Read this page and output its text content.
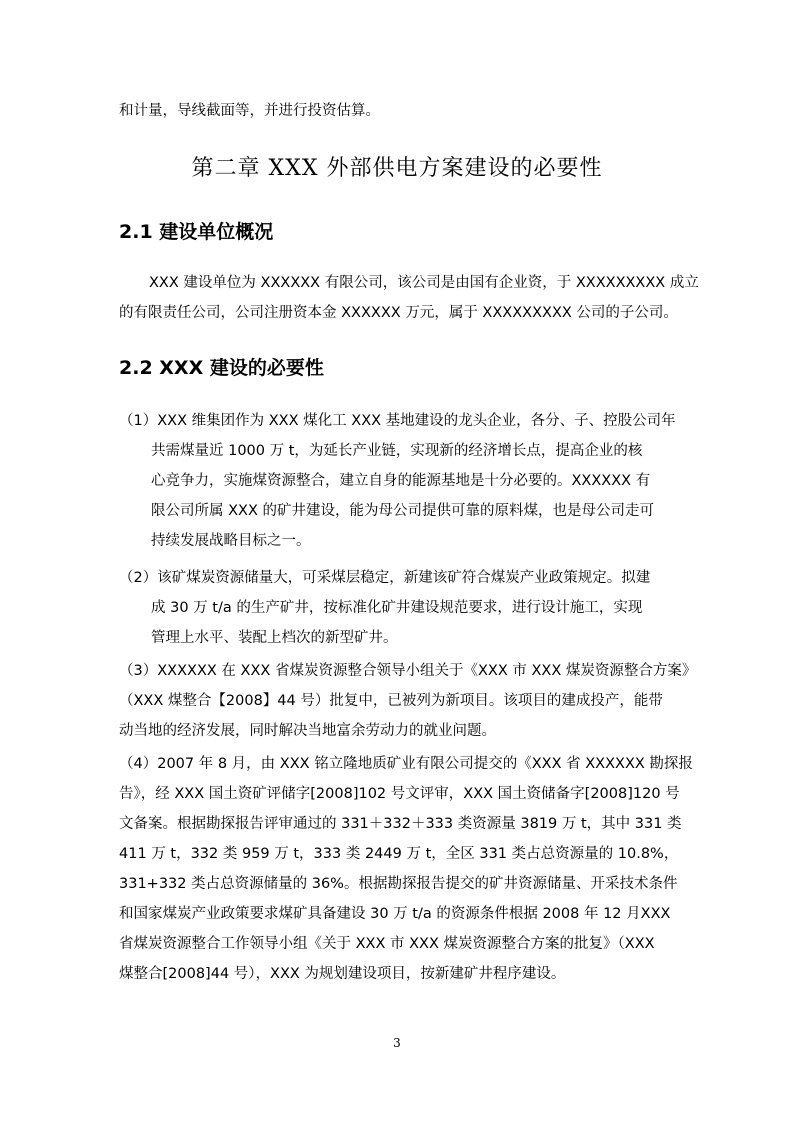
和计量，导线截面等，并进行投资估算。
第二章 XXX 外部供电方案建设的必要性
2.1 建设单位概况
XXX 建设单位为 XXXXXX 有限公司，该公司是由国有企业资，于 XXXXXXXXX 成立
的有限责任公司，公司注册资本金 XXXXXX 万元，属于 XXXXXXXXX 公司的子公司。
2.2 XXX 建设的必要性
（1）XXX 维集团作为 XXX 煤化工 XXX 基地建设的龙头企业，各分、子、控股公司年
共需煤量近 1000 万 t，为延长产业链，实现新的经济增长点，提高企业的核
心竞争力，实施煤资源整合，建立自身的能源基地是十分必要的。XXXXXX 有
限公司所属 XXX 的矿井建设，能为母公司提供可靠的原料煤，也是母公司走可
持续发展战略目标之一。
（2）该矿煤炭资源储量大，可采煤层稳定，新建该矿符合煤炭产业政策规定。拟建
成 30 万 t/a 的生产矿井，按标准化矿井建设规范要求，进行设计施工，实现
管理上水平、装配上档次的新型矿井。
（3）XXXXXX 在 XXX 省煤炭资源整合领导小组关于《XXX 市 XXX 煤炭资源整合方案》
（XXX 煤整合【2008】44 号）批复中，已被列为新项目。该项目的建成投产，能带
动当地的经济发展，同时解决当地富余劳动力的就业问题。
（4）2007 年 8 月，由 XXX 铭立隆地质矿业有限公司提交的《XXX 省 XXXXXX 勘探报
告》，经 XXX 国土资矿评储字[2008]102 号文评审，XXX 国土资储备字[2008]120 号
文备案。根据勘探报告评审通过的 331＋332＋333 类资源量 3819 万 t，其中 331 类
411 万 t，332 类 959 万 t，333 类 2449 万 t，全区 331 类占总资源量的 10.8%，
331+332 类占总资源储量的 36%。根据勘探报告提交的矿井资源储量、开采技术条件
和国家煤炭产业政策要求煤矿具备建设 30 万 t/a 的资源条件根据 2008 年 12 月XXX
省煤炭资源整合工作领导小组《关于 XXX 市 XXX 煤炭资源整合方案的批复》（XXX
煤整合[2008]44 号），XXX 为规划建设项目，按新建矿井程序建设。
3
